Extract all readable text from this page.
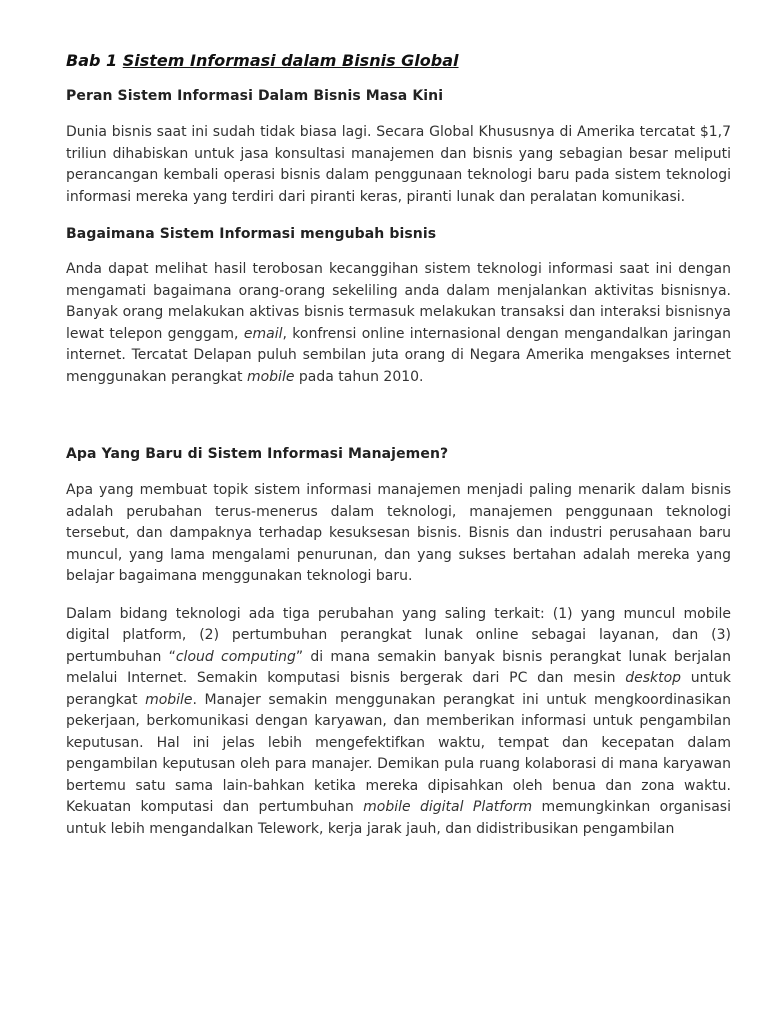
Bab 1 Sistem Informasi dalam Bisnis Global
Peran Sistem Informasi Dalam Bisnis Masa Kini

Dunia bisnis saat ini sudah tidak biasa lagi. Secara Global Khususnya di Amerika tercatat $1,7 triliun dihabiskan untuk jasa konsultasi manajemen dan bisnis yang sebagian besar meliputi perancangan kembali operasi bisnis dalam penggunaan teknologi baru pada sistem teknologi informasi mereka yang terdiri dari piranti keras, piranti lunak dan peralatan komunikasi.

Bagaimana Sistem Informasi mengubah bisnis

Anda dapat melihat hasil terobosan kecanggihan sistem teknologi informasi saat ini dengan mengamati bagaimana orang-orang sekeliling anda dalam menjalankan aktivitas bisnisnya. Banyak orang melakukan aktivas bisnis termasuk melakukan transaksi dan interaksi bisnisnya lewat telepon genggam, email, konfrensi online internasional dengan mengandalkan jaringan internet. Tercatat Delapan puluh sembilan juta orang di Negara Amerika mengakses internet menggunakan perangkat mobile pada tahun 2010.

Apa Yang Baru di Sistem Informasi Manajemen?

Apa yang membuat topik sistem informasi manajemen menjadi paling menarik dalam bisnis adalah perubahan terus-menerus dalam teknologi, manajemen penggunaan teknologi tersebut, dan dampaknya terhadap kesuksesan bisnis. Bisnis dan industri perusahaan baru muncul, yang lama mengalami penurunan, dan yang sukses bertahan adalah mereka yang belajar bagaimana menggunakan teknologi baru.

Dalam bidang teknologi ada tiga perubahan yang saling terkait: (1) yang muncul mobile digital platform, (2) pertumbuhan perangkat lunak online sebagai layanan, dan (3) pertumbuhan “cloud computing” di mana semakin banyak bisnis perangkat lunak berjalan melalui Internet. Semakin komputasi bisnis bergerak dari PC dan mesin desktop untuk perangkat mobile. Manajer semakin menggunakan perangkat ini untuk mengkoordinasikan pekerjaan, berkomunikasi dengan karyawan, dan memberikan informasi untuk pengambilan keputusan. Hal ini jelas lebih mengefektifkan waktu, tempat dan kecepatan dalam pengambilan keputusan oleh para manajer. Demikan pula ruang kolaborasi di mana karyawan bertemu satu sama lain-bahkan ketika mereka dipisahkan oleh benua dan zona waktu. Kekuatan komputasi dan pertumbuhan mobile digital Platform memungkinkan organisasi untuk lebih mengandalkan Telework, kerja jarak jauh, dan didistribusikan pengambilan
